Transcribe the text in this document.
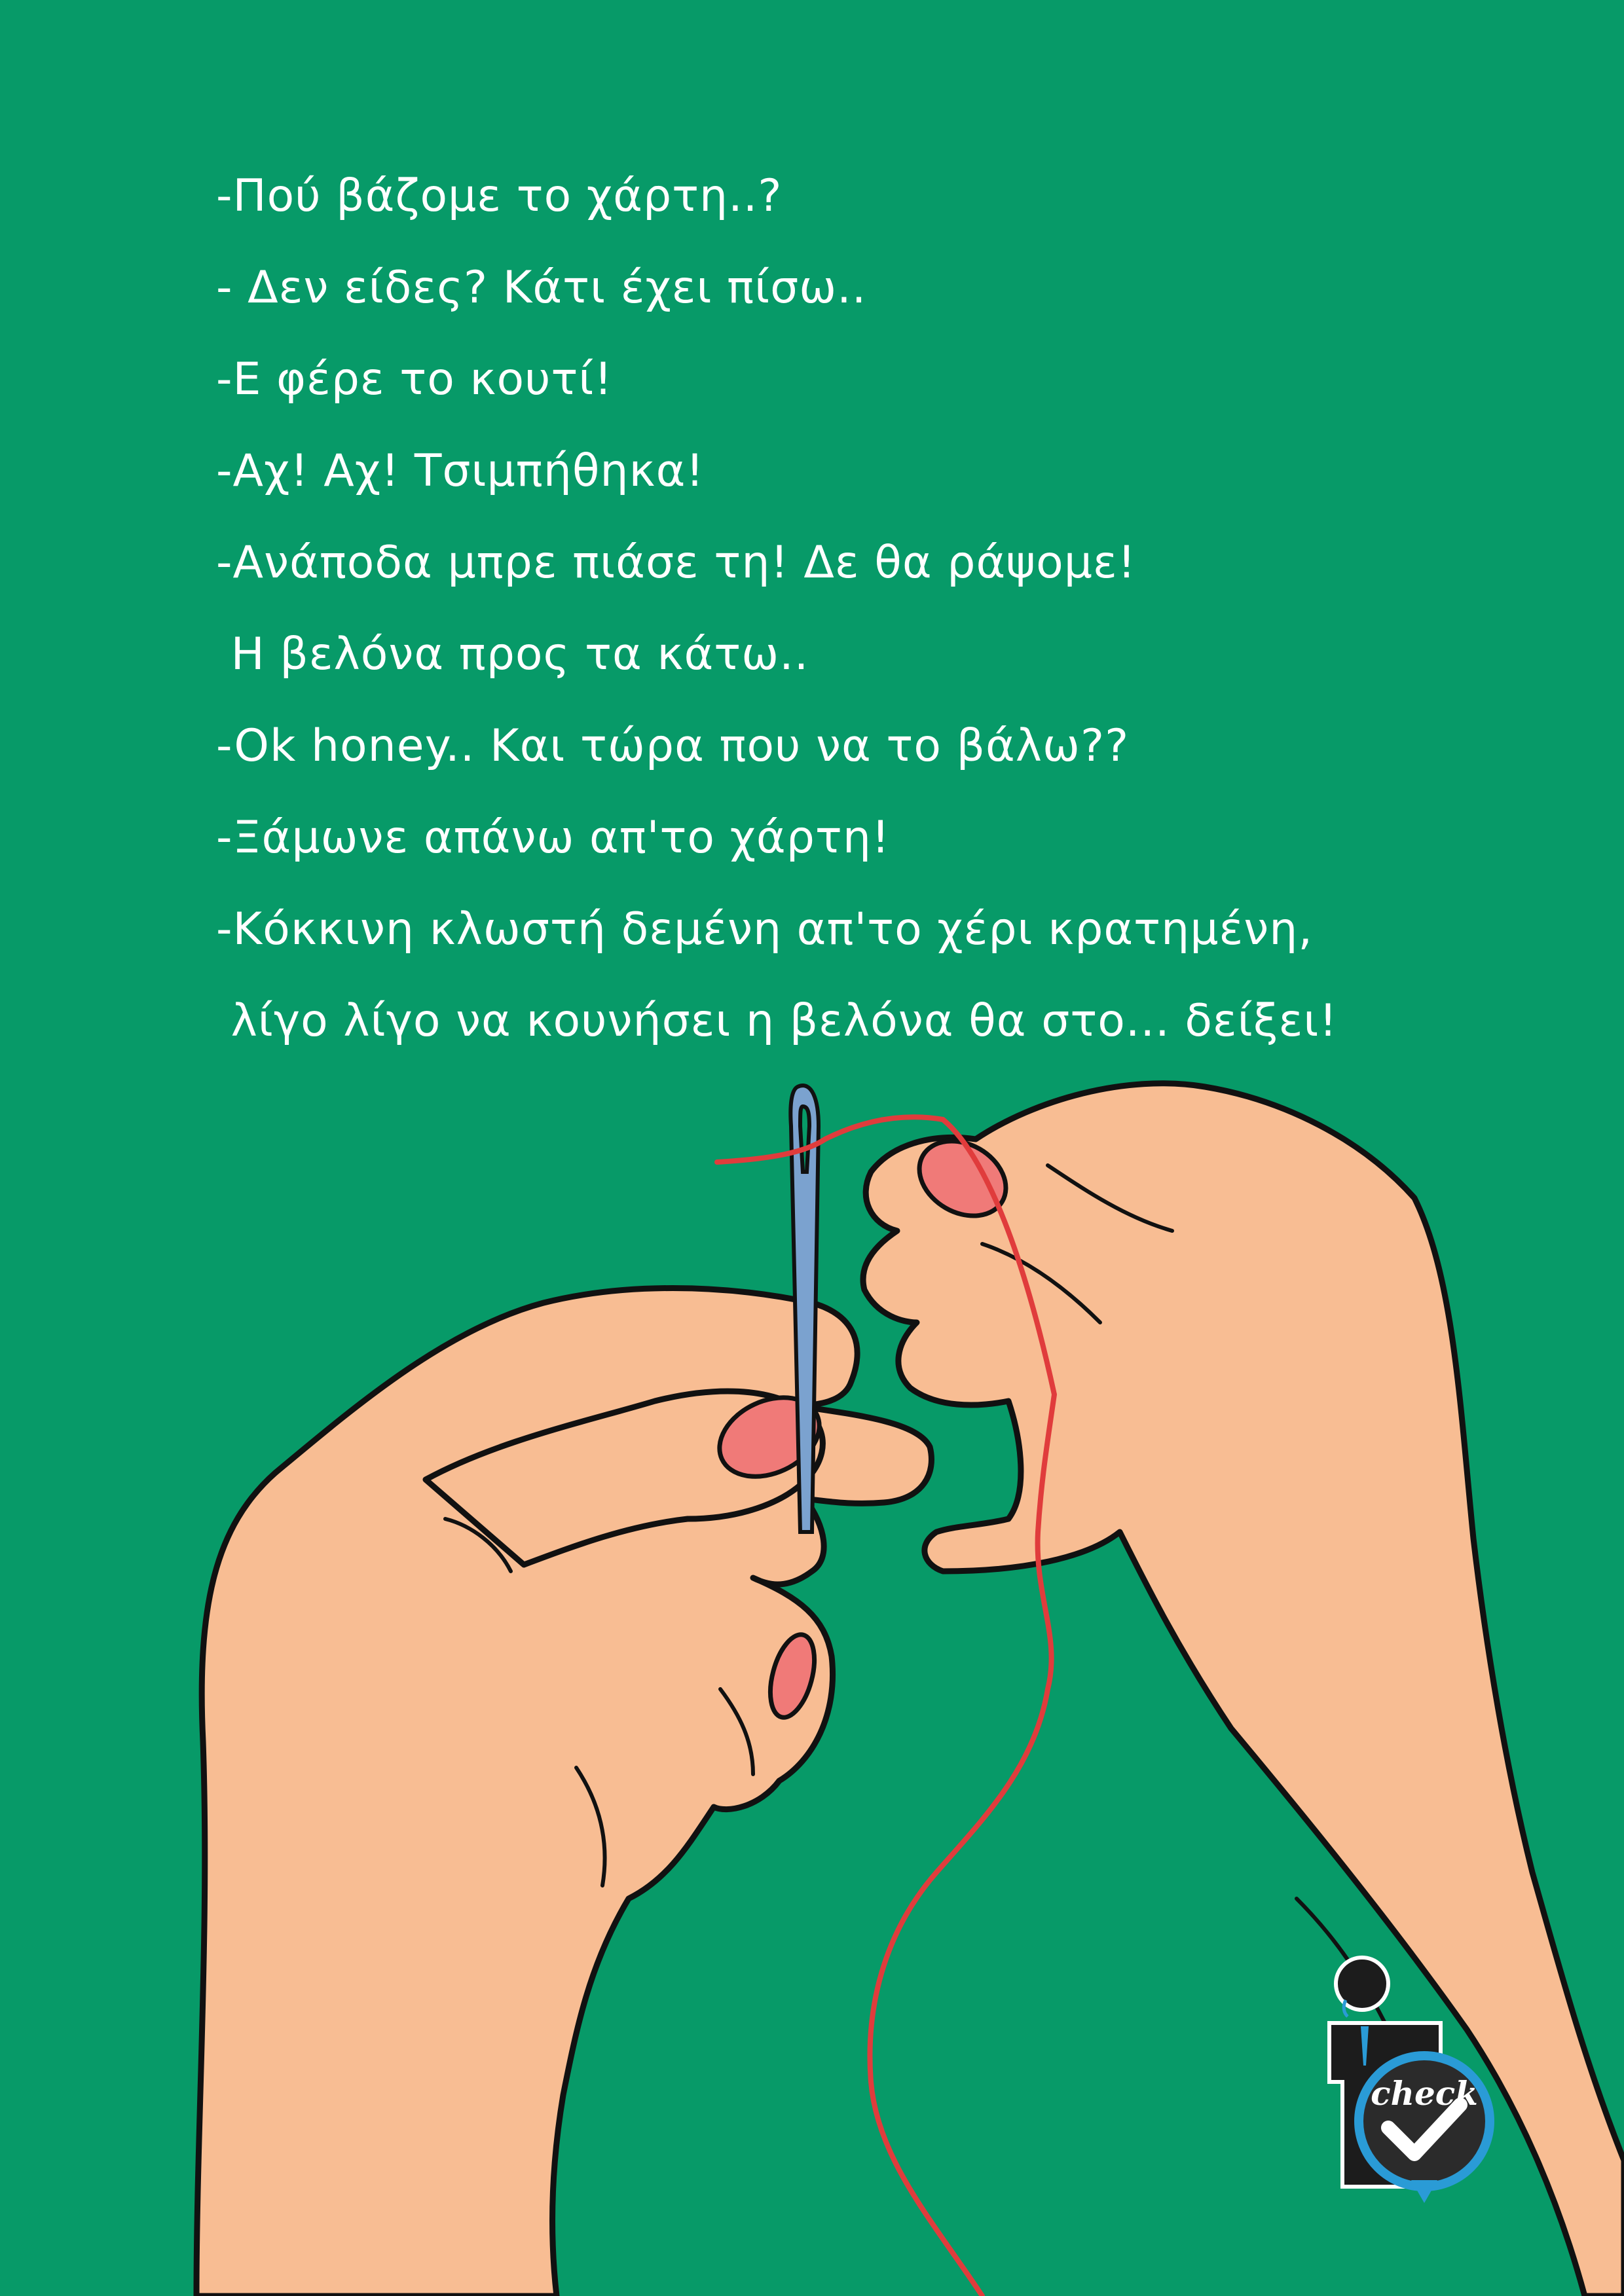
-Πού βάζομε το χάρτη..?
- Δεν είδες? Κάτι έχει πίσω..
-Ε φέρε το κουτί!
-Αχ! Αχ! Τσιμπήθηκα!
-Ανάποδα μπρε πιάσε τη! Δε θα ράψομε!
Η βελόνα προς τα κάτω..
-Ok honey.. Και τώρα που να το βάλω??
-Ξάμωνε απάνω απ'το χάρτη!
-Κόκκινη κλωστή δεμένη απ'το χέρι κρατημένη,
λίγο λίγο να κουνήσει η βελόνα θα στο... δείξει!
check
